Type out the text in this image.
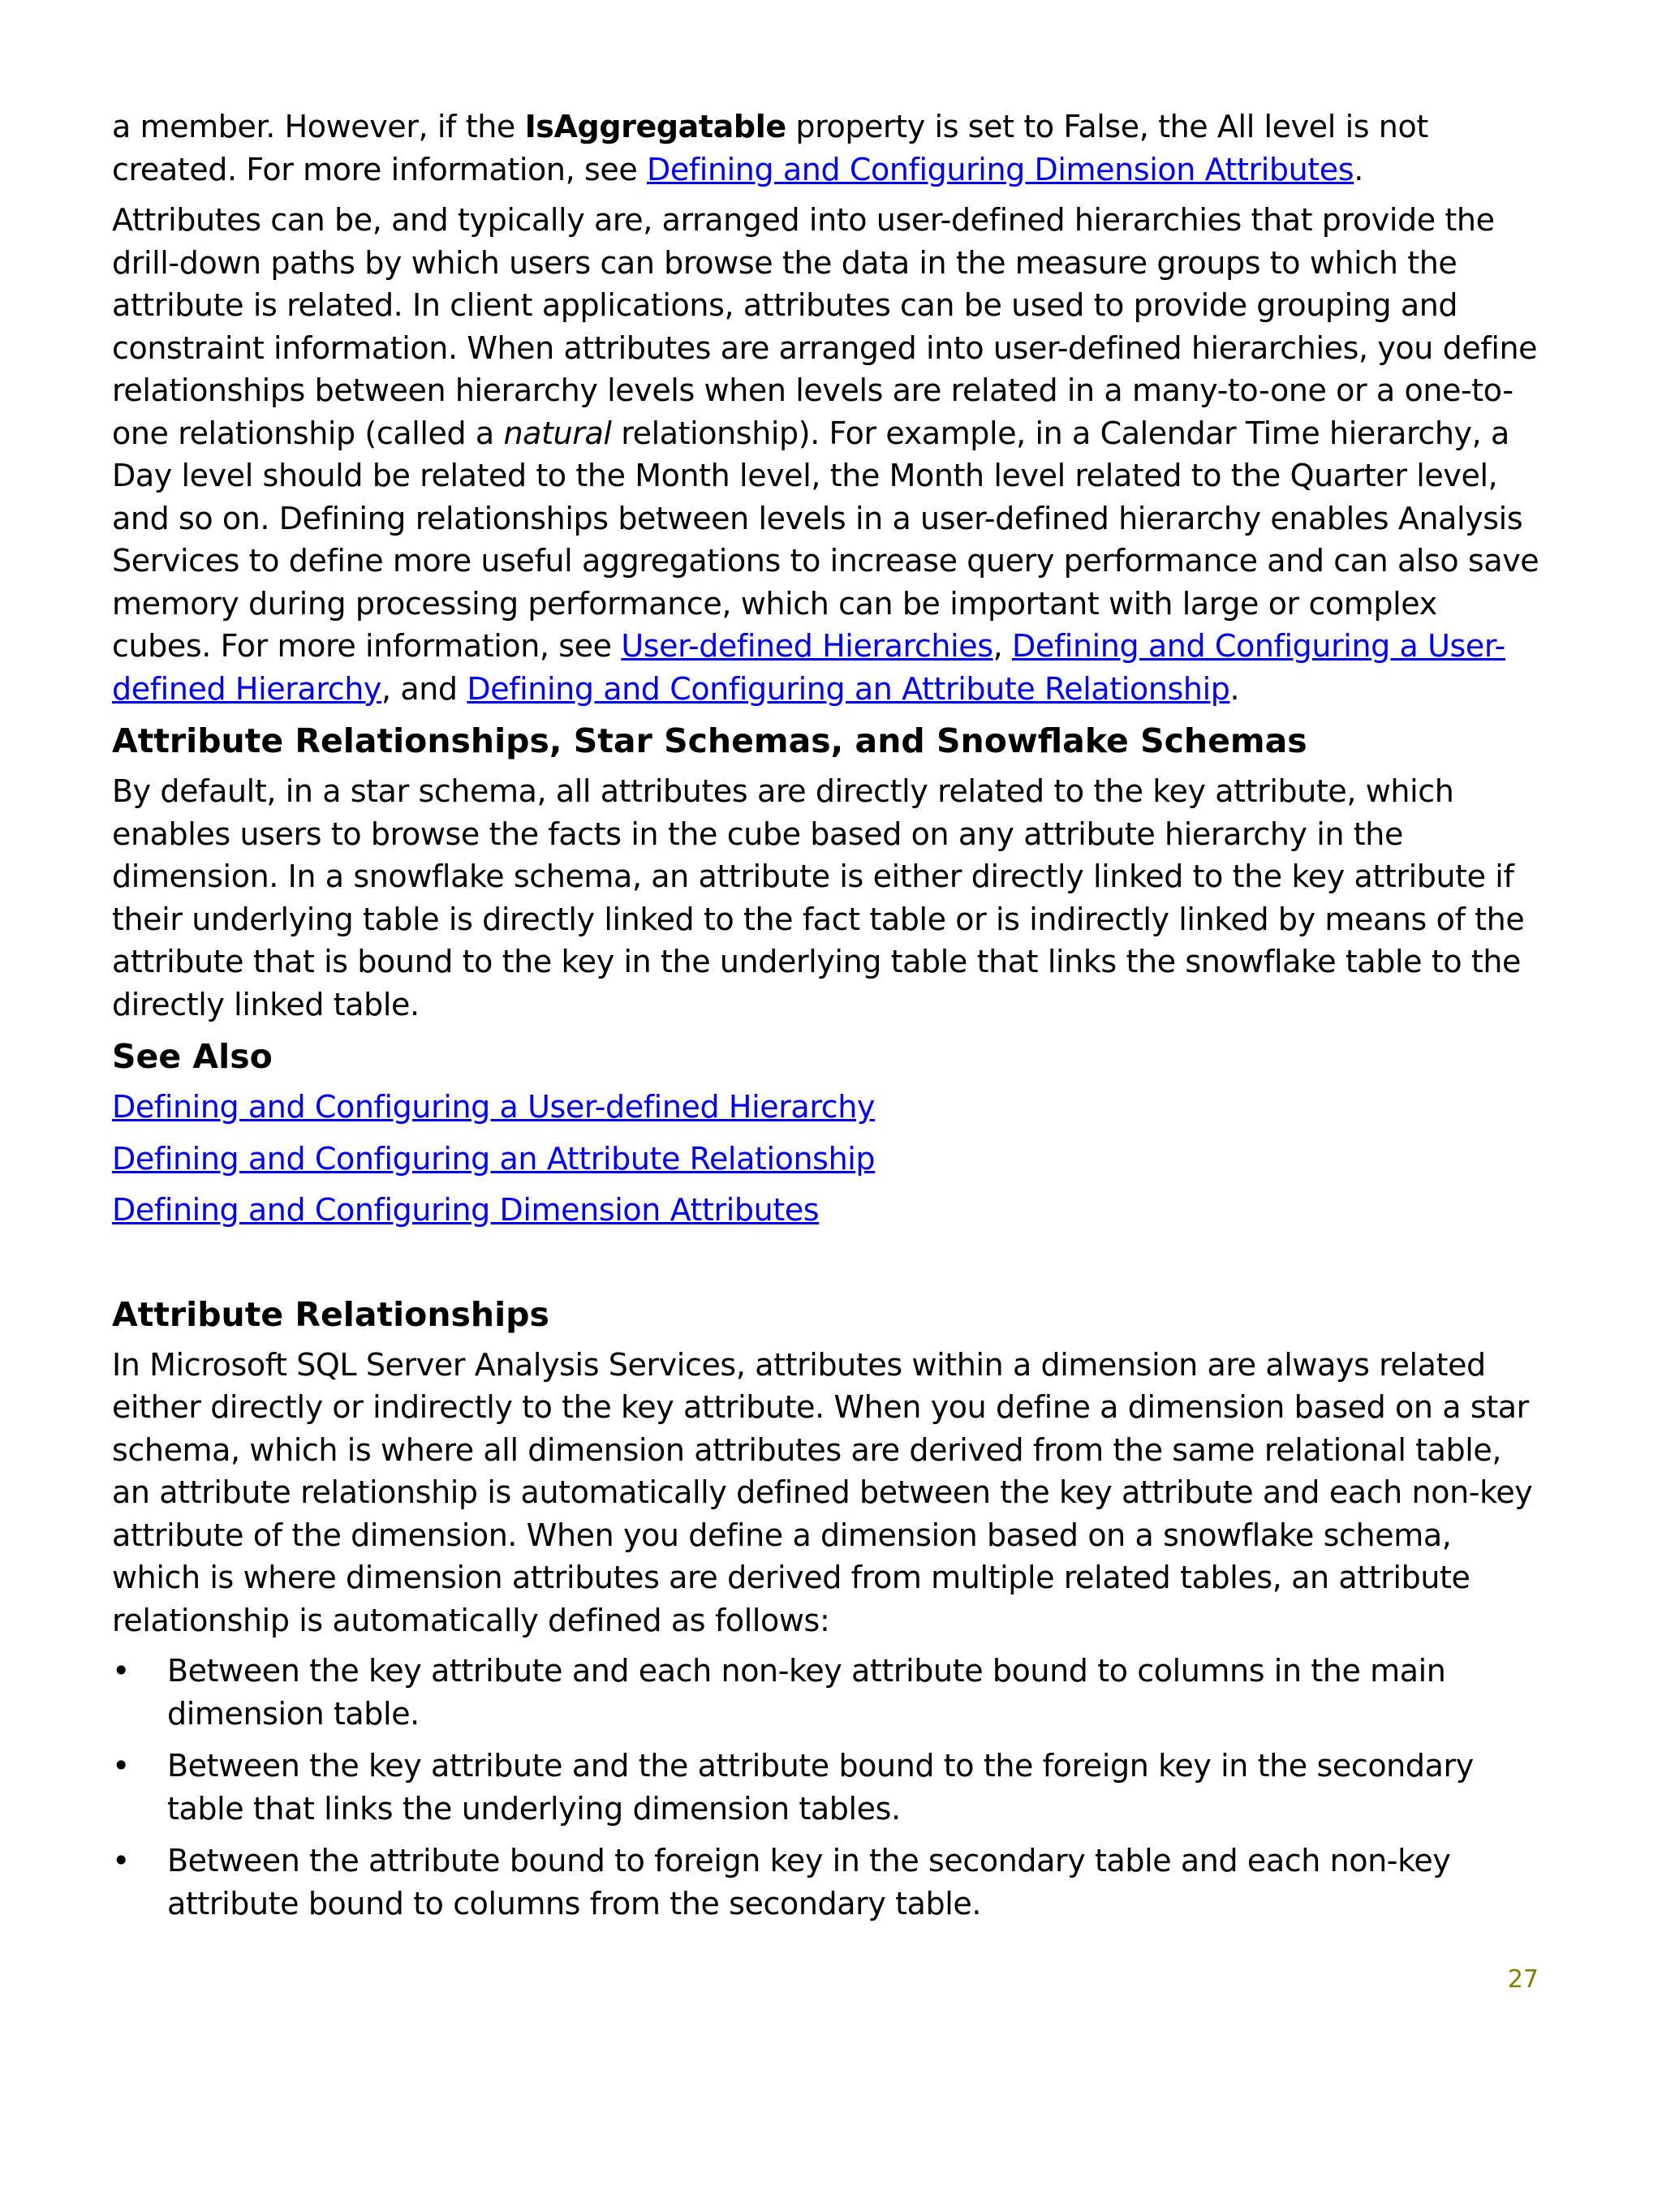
a member. However, if the IsAggregatable property is set to False, the All level is not created. For more information, see Defining and Configuring Dimension Attributes.

Attributes can be, and typically are, arranged into user-defined hierarchies that provide the drill-down paths by which users can browse the data in the measure groups to which the attribute is related. In client applications, attributes can be used to provide grouping and constraint information. When attributes are arranged into user-defined hierarchies, you define relationships between hierarchy levels when levels are related in a many-to-one or a one-to-one relationship (called a natural relationship). For example, in a Calendar Time hierarchy, a Day level should be related to the Month level, the Month level related to the Quarter level, and so on. Defining relationships between levels in a user-defined hierarchy enables Analysis Services to define more useful aggregations to increase query performance and can also save memory during processing performance, which can be important with large or complex cubes. For more information, see User-defined Hierarchies, Defining and Configuring a User-defined Hierarchy, and Defining and Configuring an Attribute Relationship.

Attribute Relationships, Star Schemas, and Snowflake Schemas

By default, in a star schema, all attributes are directly related to the key attribute, which enables users to browse the facts in the cube based on any attribute hierarchy in the dimension. In a snowflake schema, an attribute is either directly linked to the key attribute if their underlying table is directly linked to the fact table or is indirectly linked by means of the attribute that is bound to the key in the underlying table that links the snowflake table to the directly linked table.

See Also

Defining and Configuring a User-defined Hierarchy

Defining and Configuring an Attribute Relationship

Defining and Configuring Dimension Attributes

Attribute Relationships

In Microsoft SQL Server Analysis Services, attributes within a dimension are always related either directly or indirectly to the key attribute. When you define a dimension based on a star schema, which is where all dimension attributes are derived from the same relational table, an attribute relationship is automatically defined between the key attribute and each non-key attribute of the dimension. When you define a dimension based on a snowflake schema, which is where dimension attributes are derived from multiple related tables, an attribute relationship is automatically defined as follows:

• Between the key attribute and each non-key attribute bound to columns in the main dimension table.
• Between the key attribute and the attribute bound to the foreign key in the secondary table that links the underlying dimension tables.
• Between the attribute bound to foreign key in the secondary table and each non-key attribute bound to columns from the secondary table.
27
